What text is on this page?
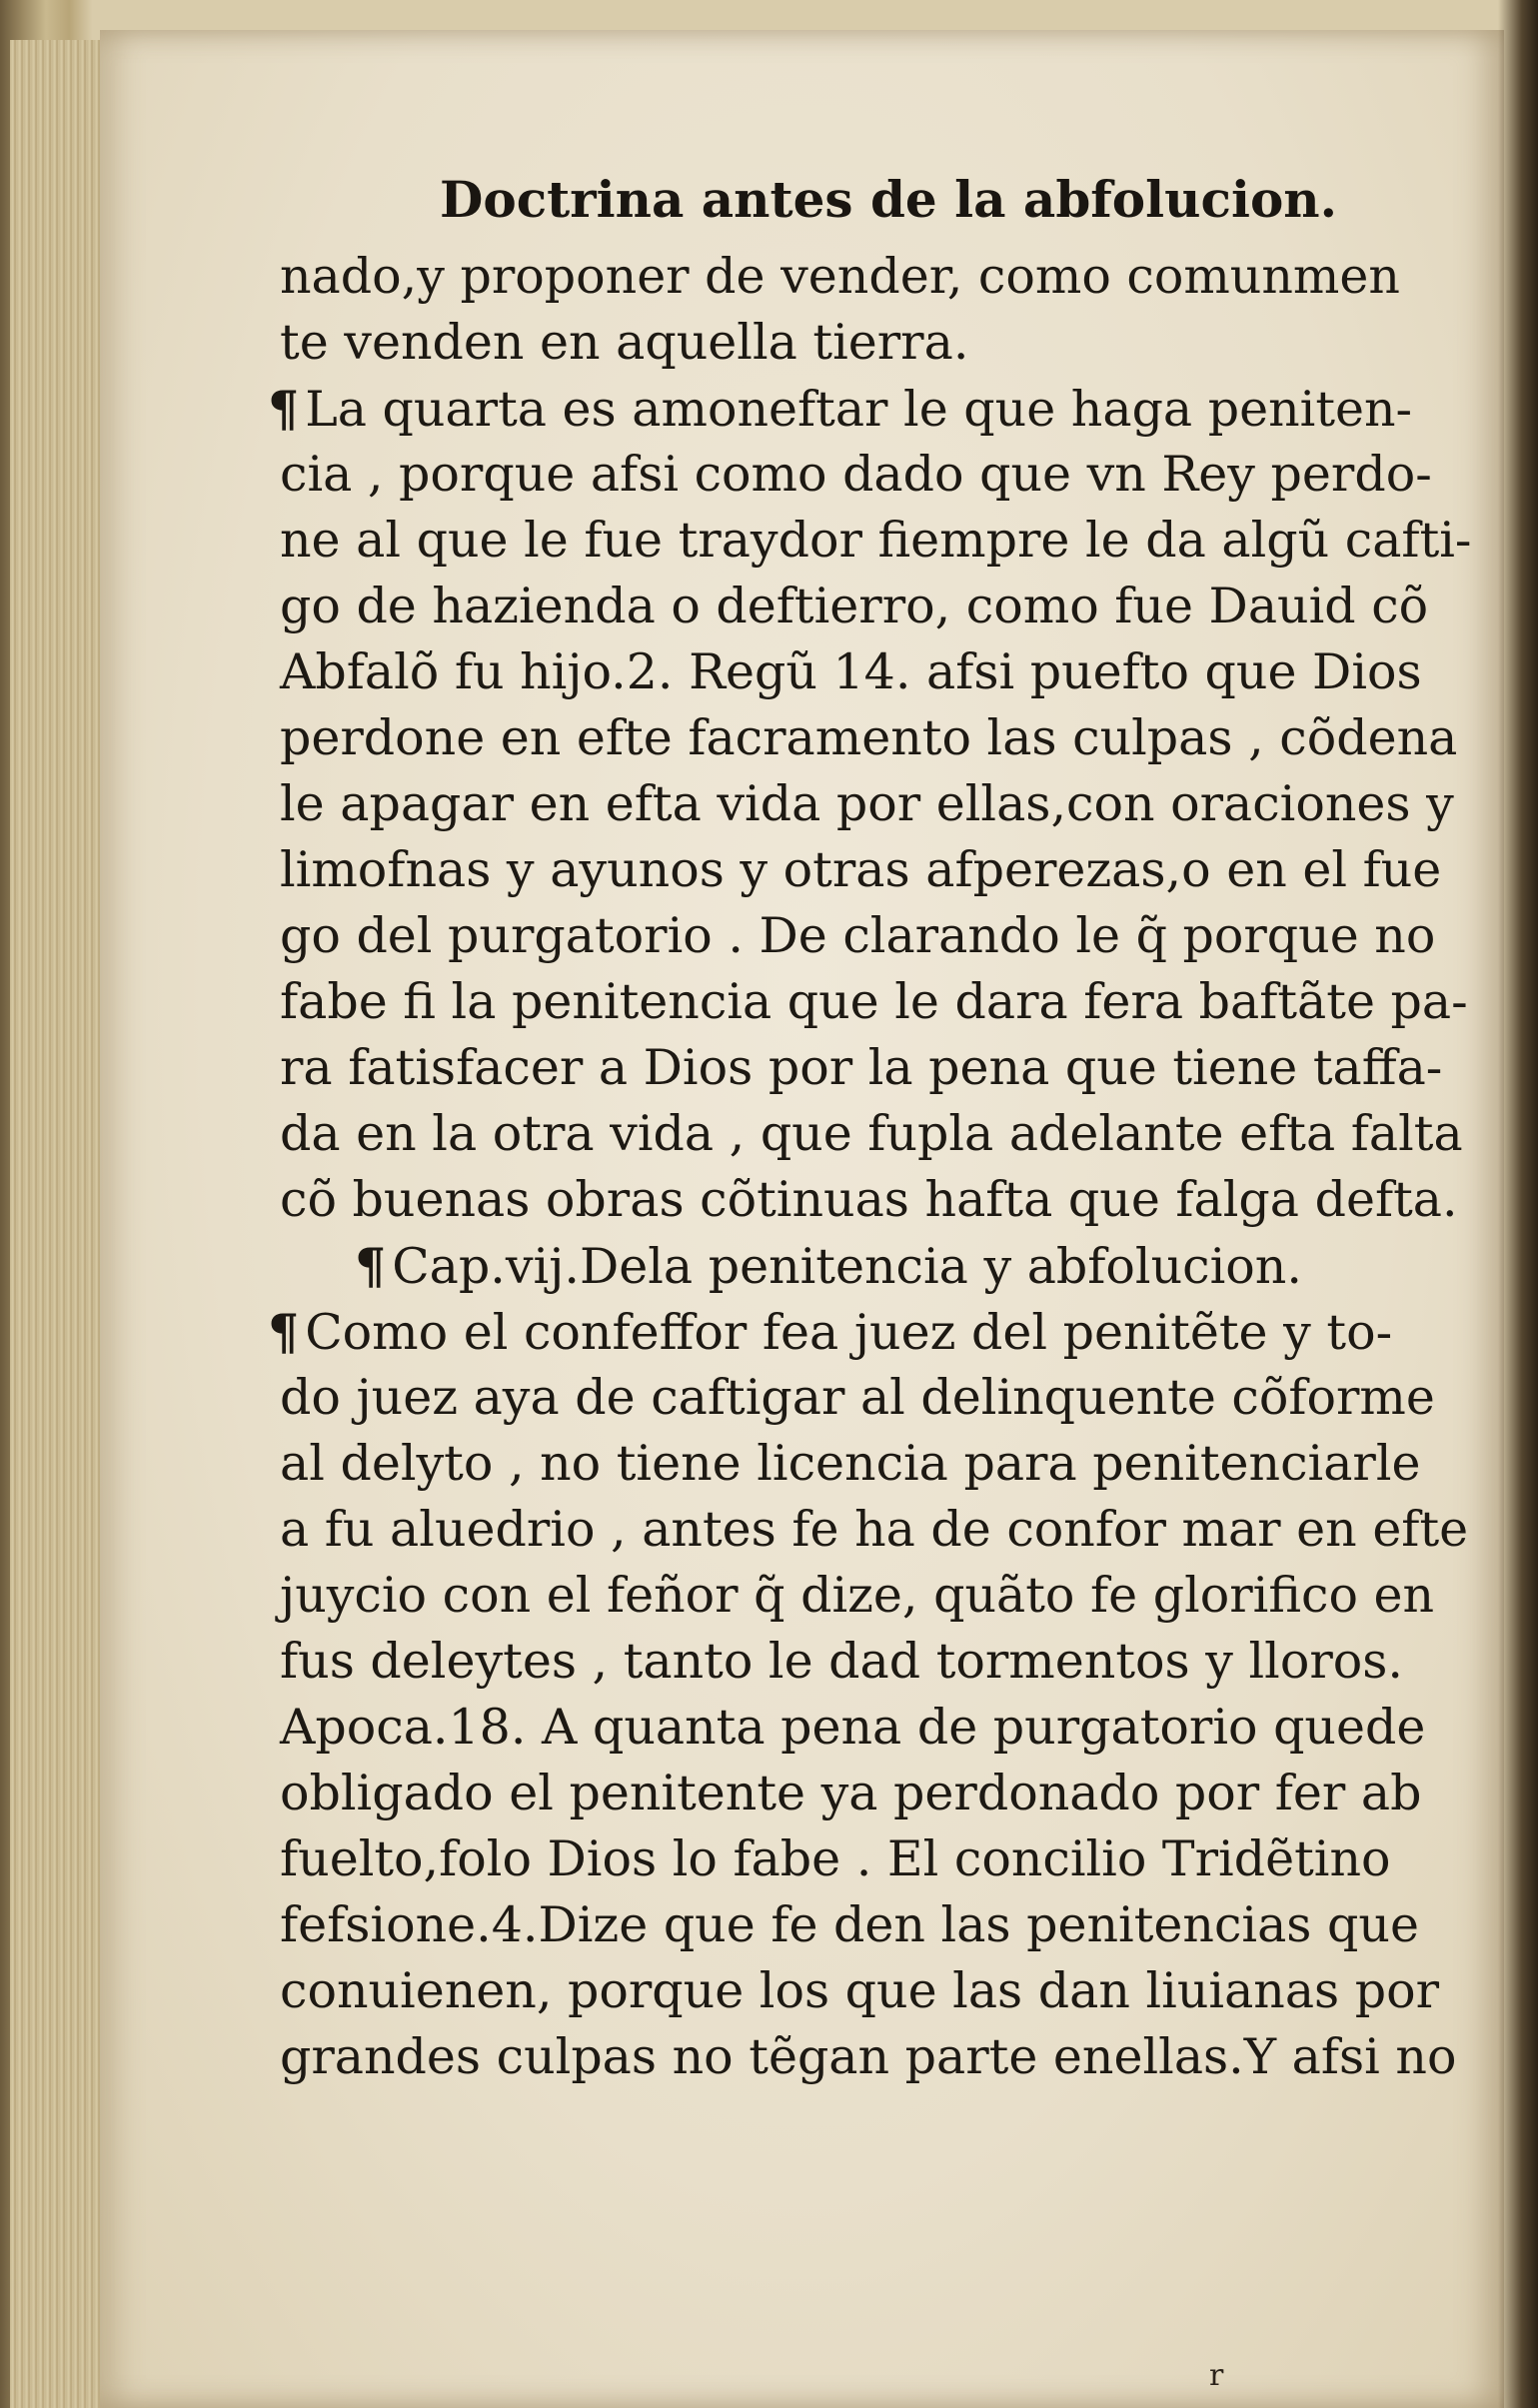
Doctrina antes de la abfolucion.
nado,y proponer de vender, como comunmen
te venden en aquella tierra.
¶ La quarta es amoneftar le que haga peniten-
cia , porque afsi como dado que vn Rey perdo-
ne al que le fue traydor fiempre le da algũ cafti-
go de hazienda o deftierro, como fue Dauid cõ
Abfalõ fu hijo.2. Regũ 14. afsi puefto que Dios
perdone en efte facramento las culpas , cõdena
le apagar en efta vida por ellas,con oraciones y
limofnas y ayunos y otras afperezas,o en el fue
go del purgatorio . De clarando le q̃ porque no
fabe fi la penitencia que le dara fera baftãte pa-
ra fatisfacer a Dios por la pena que tiene taffa-
da en la otra vida , que fupla adelante efta falta
cõ buenas obras cõtinuas hafta que falga defta.
¶ Cap.vij.Dela penitencia y abfolucion.
¶ Como el confeffor fea juez del penitẽte y to-
do juez aya de caftigar al delinquente cõforme
al delyto , no tiene licencia para penitenciarle
a fu aluedrio , antes fe ha de confor mar en efte
juycio con el feñor q̃ dize, quãto fe glorifico en
fus deleytes , tanto le dad tormentos y lloros.
Apoca.18. A quanta pena de purgatorio quede
obligado el penitente ya perdonado por fer ab
fuelto,folo Dios lo fabe . El concilio Tridẽtino
fefsione.4.Dize que fe den las penitencias que
conuienen, porque los que las dan liuianas por
grandes culpas no tẽgan parte enellas.Y afsi no
r
